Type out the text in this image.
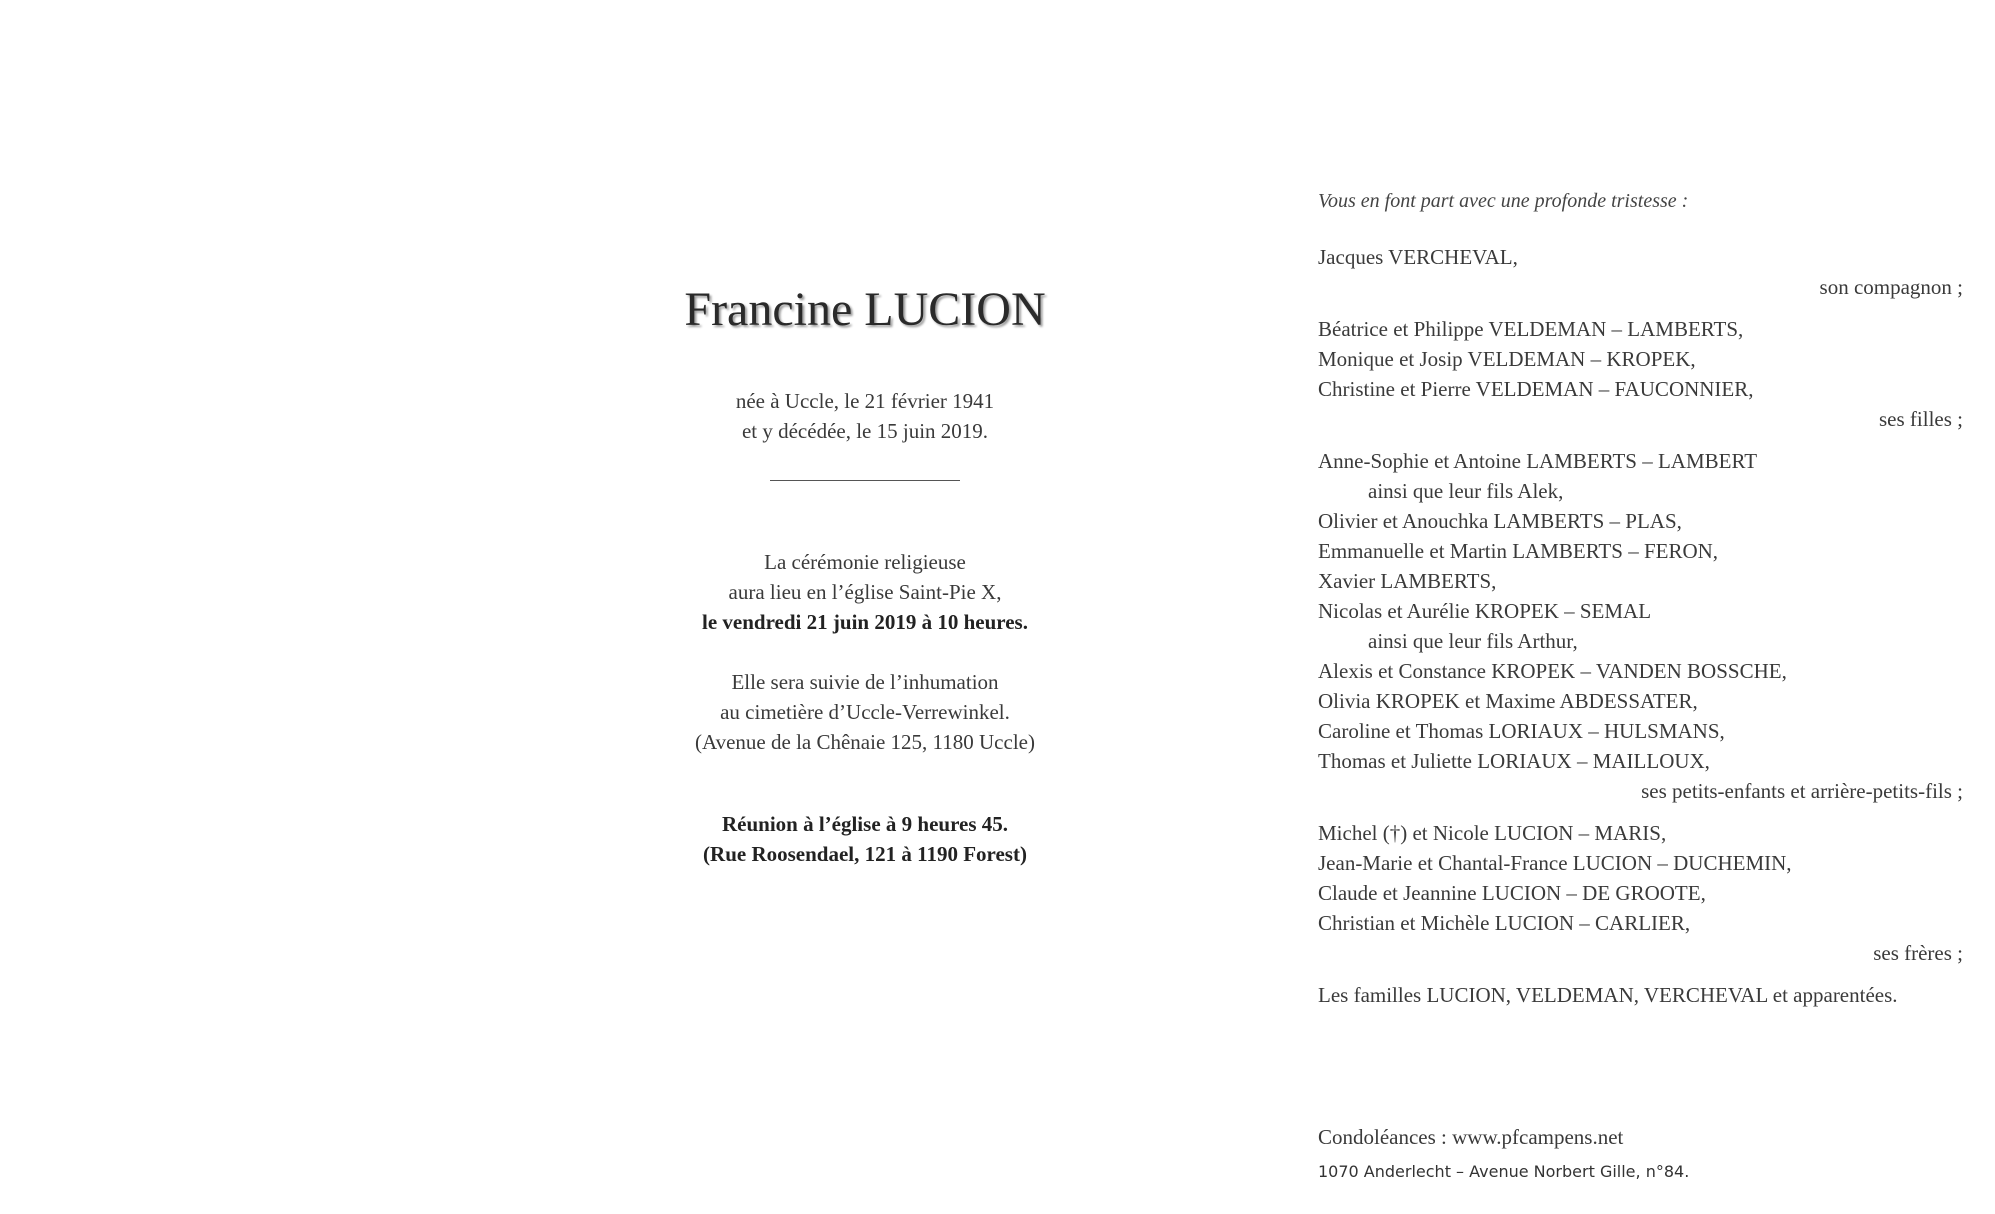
Francine LUCION
née à Uccle, le 21 février 1941
et y décédée, le 15 juin 2019.
La cérémonie religieuse
aura lieu en l’église Saint-Pie X,
le vendredi 21 juin 2019 à 10 heures.
Elle sera suivie de l’inhumation
au cimetière d’Uccle-Verrewinkel.
(Avenue de la Chênaie 125, 1180 Uccle)
Réunion à l’église à 9 heures 45.
(Rue Roosendael, 121 à 1190 Forest)
Vous en font part avec une profonde tristesse :
Jacques VERCHEVAL,
son compagnon ;
Béatrice et Philippe VELDEMAN – LAMBERTS,
Monique et Josip VELDEMAN – KROPEK,
Christine et Pierre VELDEMAN – FAUCONNIER,
ses filles ;
Anne-Sophie et Antoine LAMBERTS – LAMBERT
ainsi que leur fils Alek,
Olivier et Anouchka LAMBERTS – PLAS,
Emmanuelle et Martin LAMBERTS – FERON,
Xavier LAMBERTS,
Nicolas et Aurélie KROPEK – SEMAL
ainsi que leur fils Arthur,
Alexis et Constance KROPEK – VANDEN BOSSCHE,
Olivia KROPEK et Maxime ABDESSATER,
Caroline et Thomas LORIAUX – HULSMANS,
Thomas et Juliette LORIAUX – MAILLOUX,
ses petits-enfants et arrière-petits-fils ;
Michel (†) et Nicole LUCION – MARIS,
Jean-Marie et Chantal-France LUCION – DUCHEMIN,
Claude et Jeannine LUCION – DE GROOTE,
Christian et Michèle LUCION – CARLIER,
ses frères ;
Les familles LUCION, VELDEMAN, VERCHEVAL et apparentées.
Condoléances : www.pfcampens.net
1070 Anderlecht – Avenue Norbert Gille, n°84.
